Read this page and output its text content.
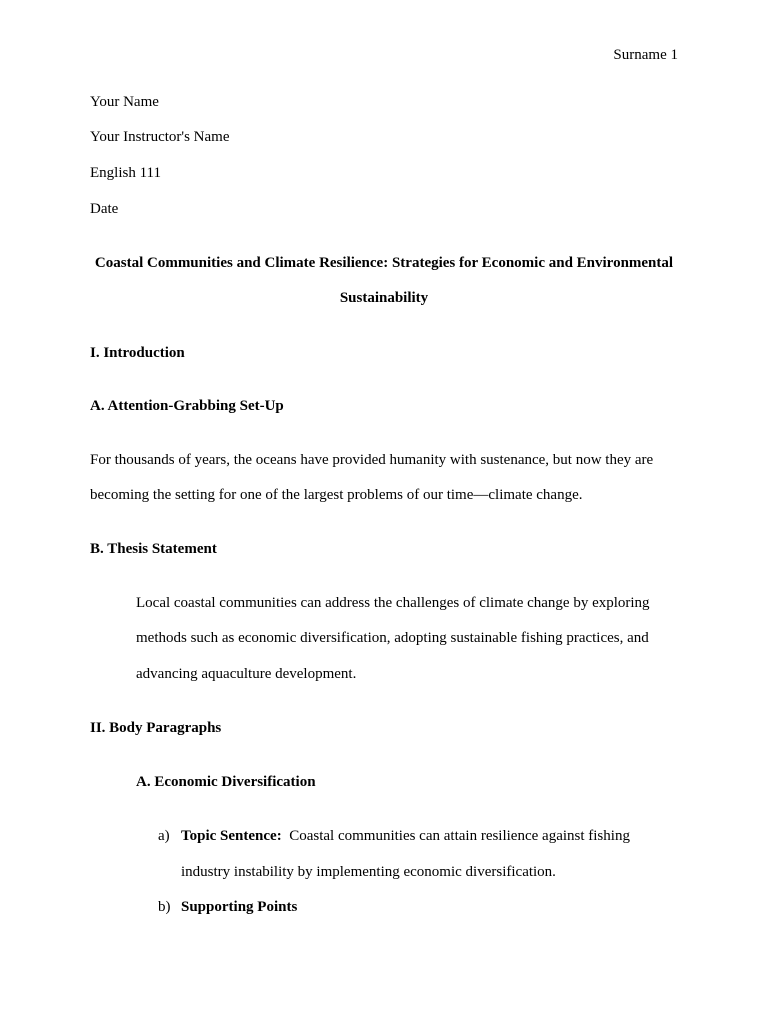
Surname 1
Your Name
Your Instructor's Name
English 111
Date
Coastal Communities and Climate Resilience: Strategies for Economic and Environmental
Sustainability
I. Introduction
A. Attention-Grabbing Set-Up
For thousands of years, the oceans have provided humanity with sustenance, but now they are
becoming the setting for one of the largest problems of our time—climate change.
B. Thesis Statement
Local coastal communities can address the challenges of climate change by exploring
methods such as economic diversification, adopting sustainable fishing practices, and
advancing aquaculture development.
II. Body Paragraphs
A. Economic Diversification
a) Topic Sentence: Coastal communities can attain resilience against fishing
industry instability by implementing economic diversification.
b) Supporting Points
